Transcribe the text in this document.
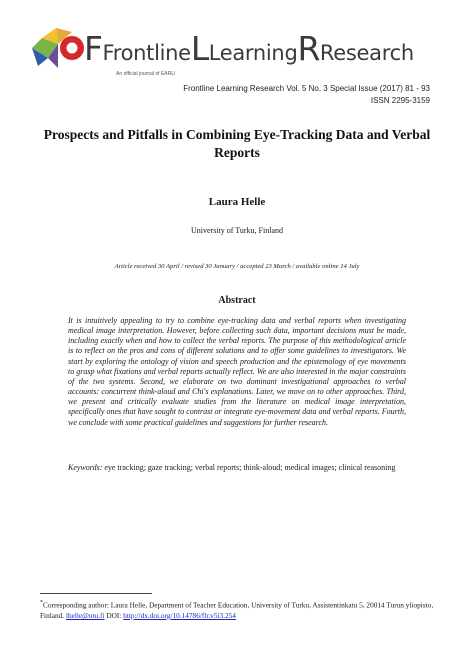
FFrontlineLLearningRResearch
An official journal of EARLI
Frontline Learning Research Vol. 5 No. 3 Special Issue (2017) 81 - 93
ISSN 2295-3159
Prospects and Pitfalls in Combining Eye-Tracking Data and Verbal Reports
Laura Helle
University of Turku, Finland
Article received 30 April / revised 30 January / accepted 23 March / available online 14 July
Abstract
It is intuitively appealing to try to combine eye-tracking data and verbal reports when investigating medical image interpretation. However, before collecting such data, important decisions must be made, including exactly when and how to collect the verbal reports. The purpose of this methodological article is to reflect on the pros and cons of different solutions and to offer some guidelines to investigators. We start by exploring the ontology of vision and speech production and the epistemology of eye movements to grasp what fixations and verbal reports actually reflect. We are also interested in the major constraints of the two systems. Second, we elaborate on two dominant investigational approaches to verbal accounts: concurrent think-aloud and Chi's explanations. Later, we move on to other approaches. Third, we present and critically evaluate studies from the literature on medical image interpretation, specifically ones that have sought to contrast or integrate eye-movement data and verbal reports. Fourth, we conclude with some practical guidelines and suggestions for further research.
Keywords: eye tracking; gaze tracking; verbal reports; think-aloud; medical images; clinical reasoning
*Corresponding author: Laura Helle, Department of Teacher Education, University of Turku, Assistentinkatu 5, 20014 Turun yliopisto, Finland. lhelle@utu.fi DOI: http://dx.doi.org/10.14786/flr.v5i3.254
